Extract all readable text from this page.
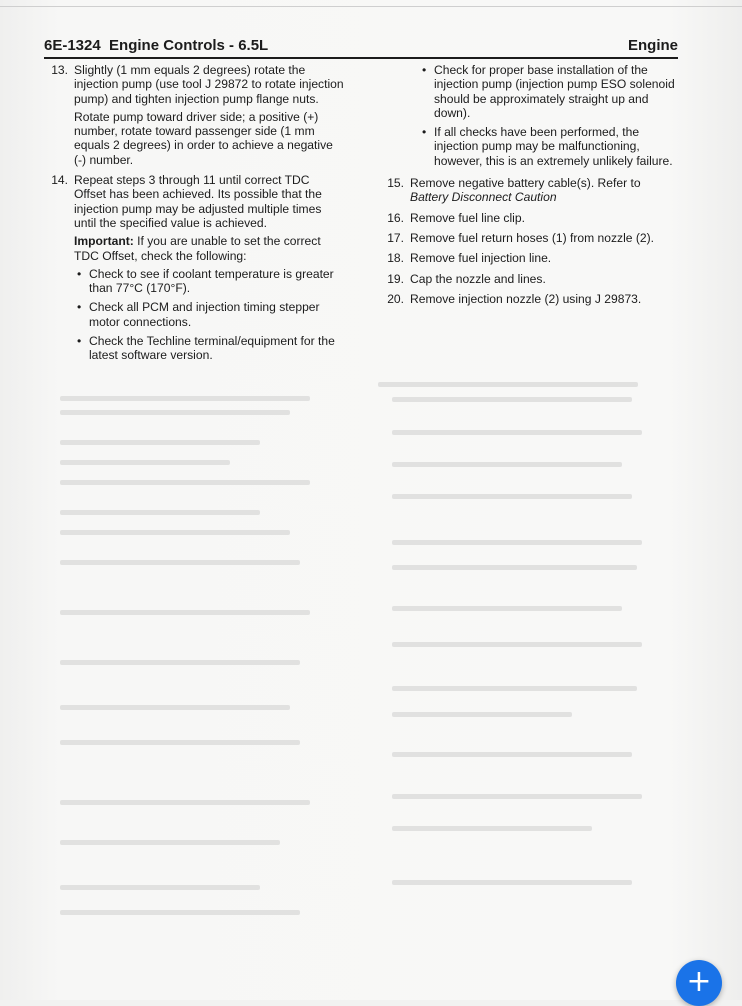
6E-1324  Engine Controls - 6.5L	Engine
13. Slightly (1 mm equals 2 degrees) rotate the injection pump (use tool J 29872 to rotate injection pump) and tighten injection pump flange nuts.
Rotate pump toward driver side; a positive (+) number, rotate toward passenger side (1 mm equals 2 degrees) in order to achieve a negative (-) number.
14. Repeat steps 3 through 11 until correct TDC Offset has been achieved. Its possible that the injection pump may be adjusted multiple times until the specified value is achieved.
Important: If you are unable to set the correct TDC Offset, check the following:
• Check to see if coolant temperature is greater than 77°C (170°F).
• Check all PCM and injection timing stepper motor connections.
• Check the Techline terminal/equipment for the latest software version.
• Check for proper base installation of the injection pump (injection pump ESO solenoid should be approximately straight up and down).
• If all checks have been performed, the injection pump may be malfunctioning, however, this is an extremely unlikely failure.
15. Remove negative battery cable(s). Refer to
Battery Disconnect Caution
16. Remove fuel line clip.
17. Remove fuel return hoses (1) from nozzle (2).
18. Remove fuel injection line.
19. Cap the nozzle and lines.
20. Remove injection nozzle (2) using J 29873.
+
